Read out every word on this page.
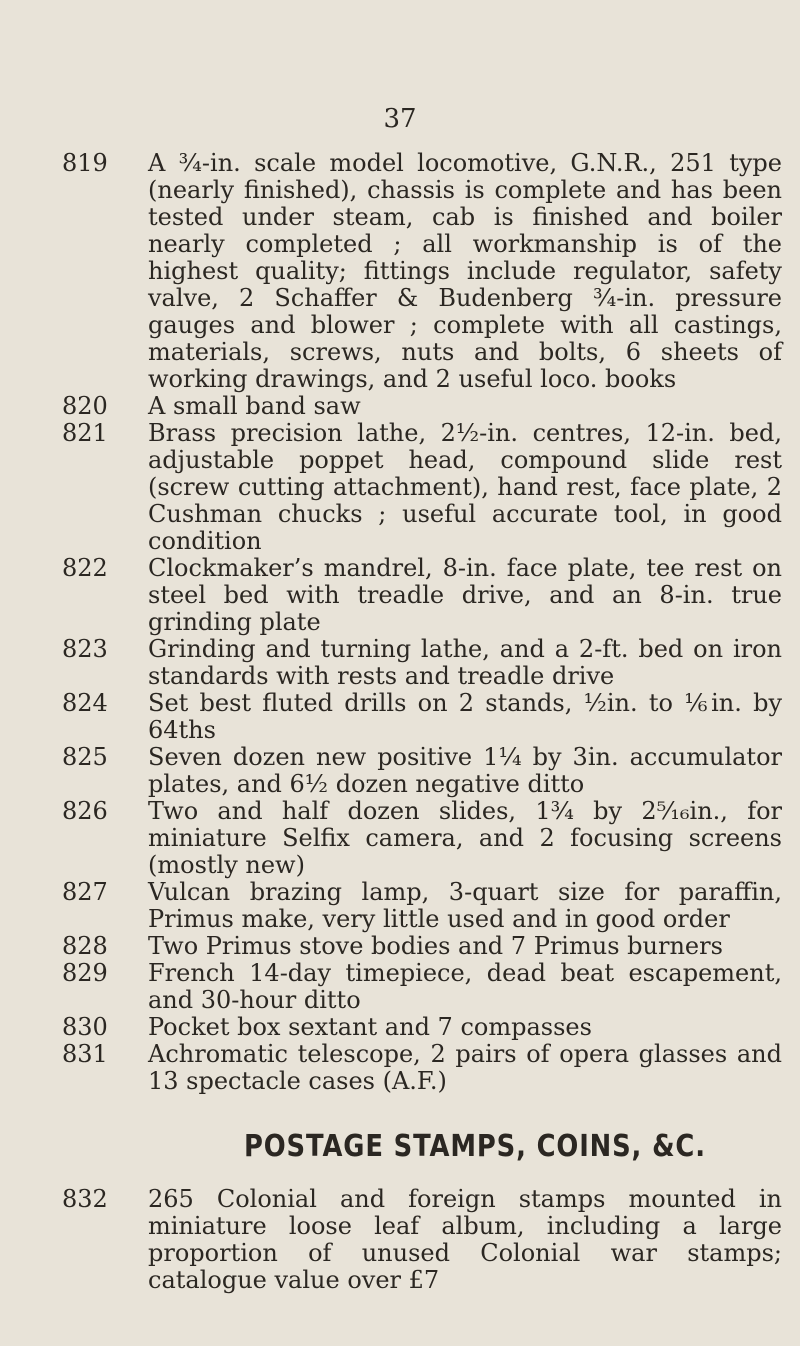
37
819	A ¾-in. scale model locomotive, G.N.R., 251 type (nearly finished), chassis is complete and has been tested under steam, cab is finished and boiler nearly completed ; all workmanship is of the highest quality; fittings include regulator, safety valve, 2 Schaffer & Budenberg ¾-in. pressure gauges and blower ; complete with all castings, materials, screws, nuts and bolts, 6 sheets of working drawings, and 2 useful loco. books
820	A small band saw
821	Brass precision lathe, 2½-in. centres, 12-in. bed, adjustable poppet head, compound slide rest (screw cutting attachment), hand rest, face plate, 2 Cushman chucks ; useful accurate tool, in good condition
822	Clockmaker’s mandrel, 8-in. face plate, tee rest on steel bed with treadle drive, and an 8-in. true grinding plate
823	Grinding and turning lathe, and a 2-ft. bed on iron standards with rests and treadle drive
824	Set best fluted drills on 2 stands, ½in. to ⅙in. by 64ths
825	Seven dozen new positive 1¼ by 3in. accumulator plates, and 6½ dozen negative ditto
826	Two and half dozen slides, 1¾ by 2⁵⁄₁₆in., for miniature Selfix camera, and 2 focusing screens (mostly new)
827	Vulcan brazing lamp, 3-quart size for paraffin, Primus make, very little used and in good order
828	Two Primus stove bodies and 7 Primus burners
829	French 14-day timepiece, dead beat escapement, and 30-hour ditto
830	Pocket box sextant and 7 compasses
831	Achromatic telescope, 2 pairs of opera glasses and 13 spectacle cases (A.F.)
POSTAGE STAMPS, COINS, &C.
832	265 Colonial and foreign stamps mounted in miniature loose leaf album, including a large proportion of unused Colonial war stamps; catalogue value over £7
